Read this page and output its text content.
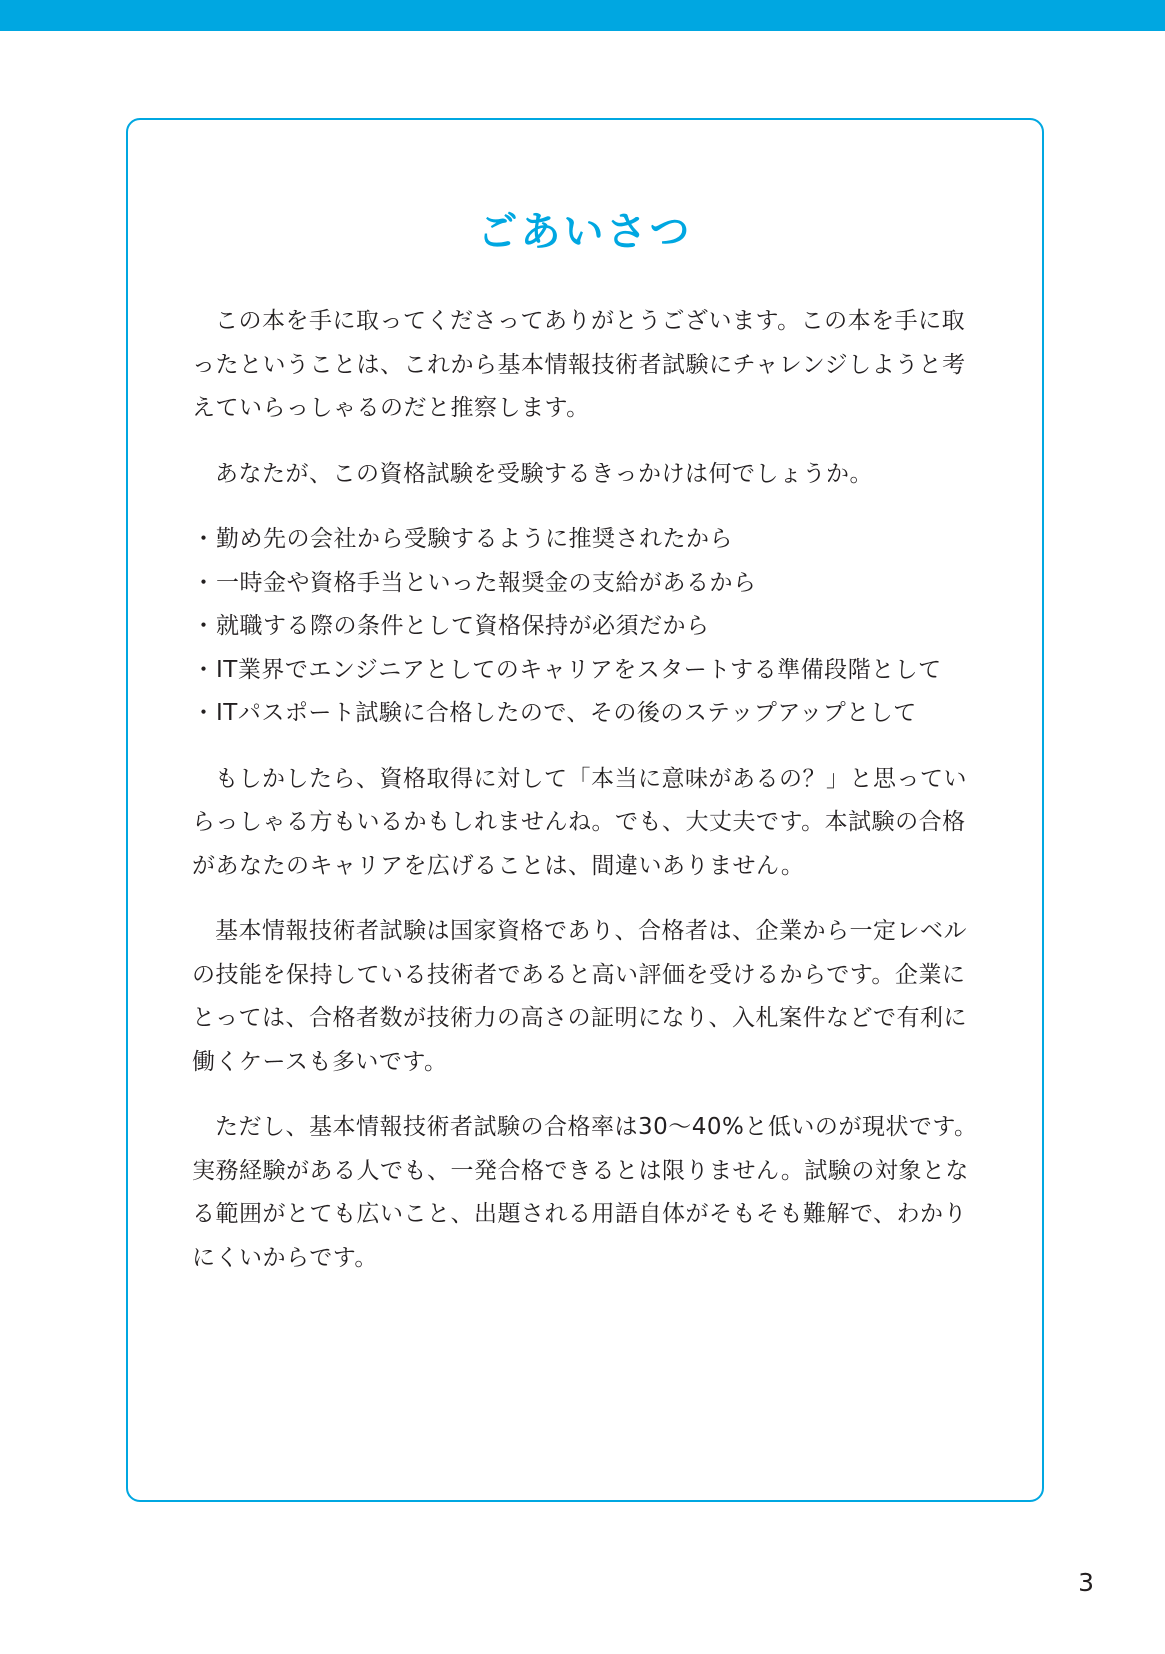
ごあいさつ

この本を手に取ってくださってありがとうございます。この本を手に取ったということは、これから基本情報技術者試験にチャレンジしようと考えていらっしゃるのだと推察します。

あなたが、この資格試験を受験するきっかけは何でしょうか。

・ 勤め先の会社から受験するように推奨されたから
・ 一時金や資格手当といった報奨金の支給があるから
・ 就職する際の条件として資格保持が必須だから
・ IT業界でエンジニアとしてのキャリアをスタートする準備段階として
・ ITパスポート試験に合格したので、その後のステップアップとして

もしかしたら、資格取得に対して「本当に意味があるの？」と思っていらっしゃる方もいるかもしれませんね。でも、大丈夫です。本試験の合格があなたのキャリアを広げることは、間違いありません。

基本情報技術者試験は国家資格であり、合格者は、企業から一定レベルの技能を保持している技術者であると高い評価を受けるからです。企業にとっては、合格者数が技術力の高さの証明になり、入札案件などで有利に働くケースも多いです。

ただし、基本情報技術者試験の合格率は30～40%と低いのが現状です。実務経験がある人でも、一発合格できるとは限りません。試験の対象となる範囲がとても広いこと、出題される用語自体がそもそも難解で、わかりにくいからです。

3
